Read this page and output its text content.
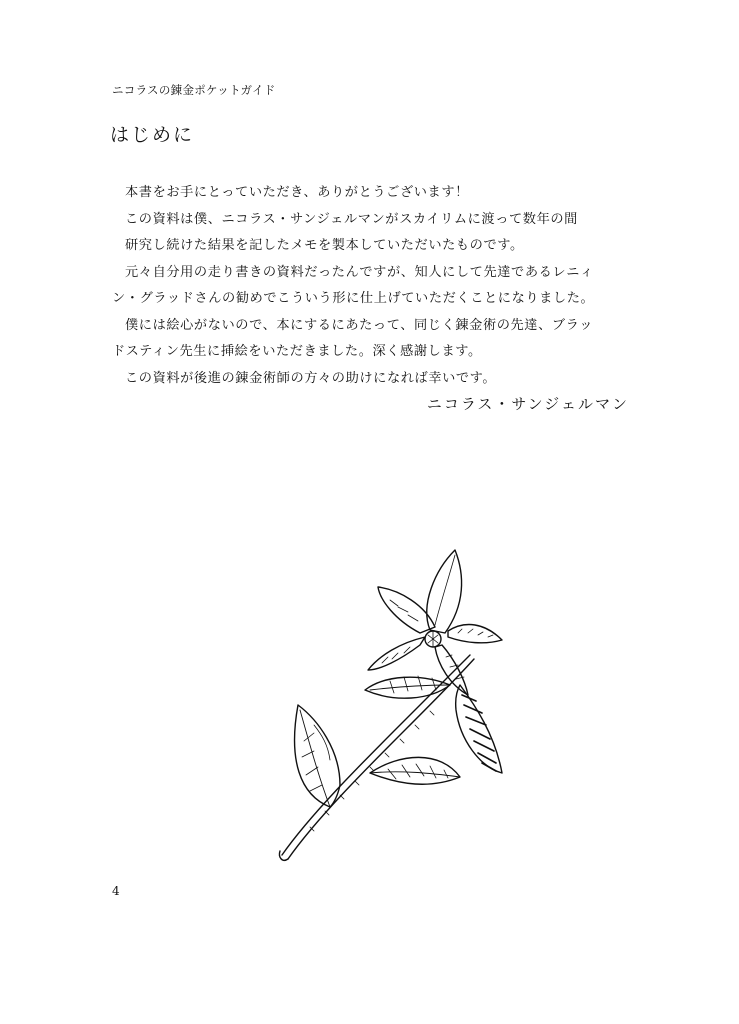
ニコラスの錬金ポケットガイド
はじめに
本書をお手にとっていただき、ありがとうございます！
この資料は僕、ニコラス・サンジェルマンがスカイリムに渡って数年の間
研究し続けた結果を記したメモを製本していただいたものです。
元々自分用の走り書きの資料だったんですが、知人にして先達であるレニィ
ン・グラッドさんの勧めでこういう形に仕上げていただくことになりました。
僕には絵心がないので、本にするにあたって、同じく錬金術の先達、ブラッ
ドスティン先生に挿絵をいただきました。深く感謝します。
この資料が後進の錬金術師の方々の助けになれば幸いです。
ニコラス・サンジェルマン
4
